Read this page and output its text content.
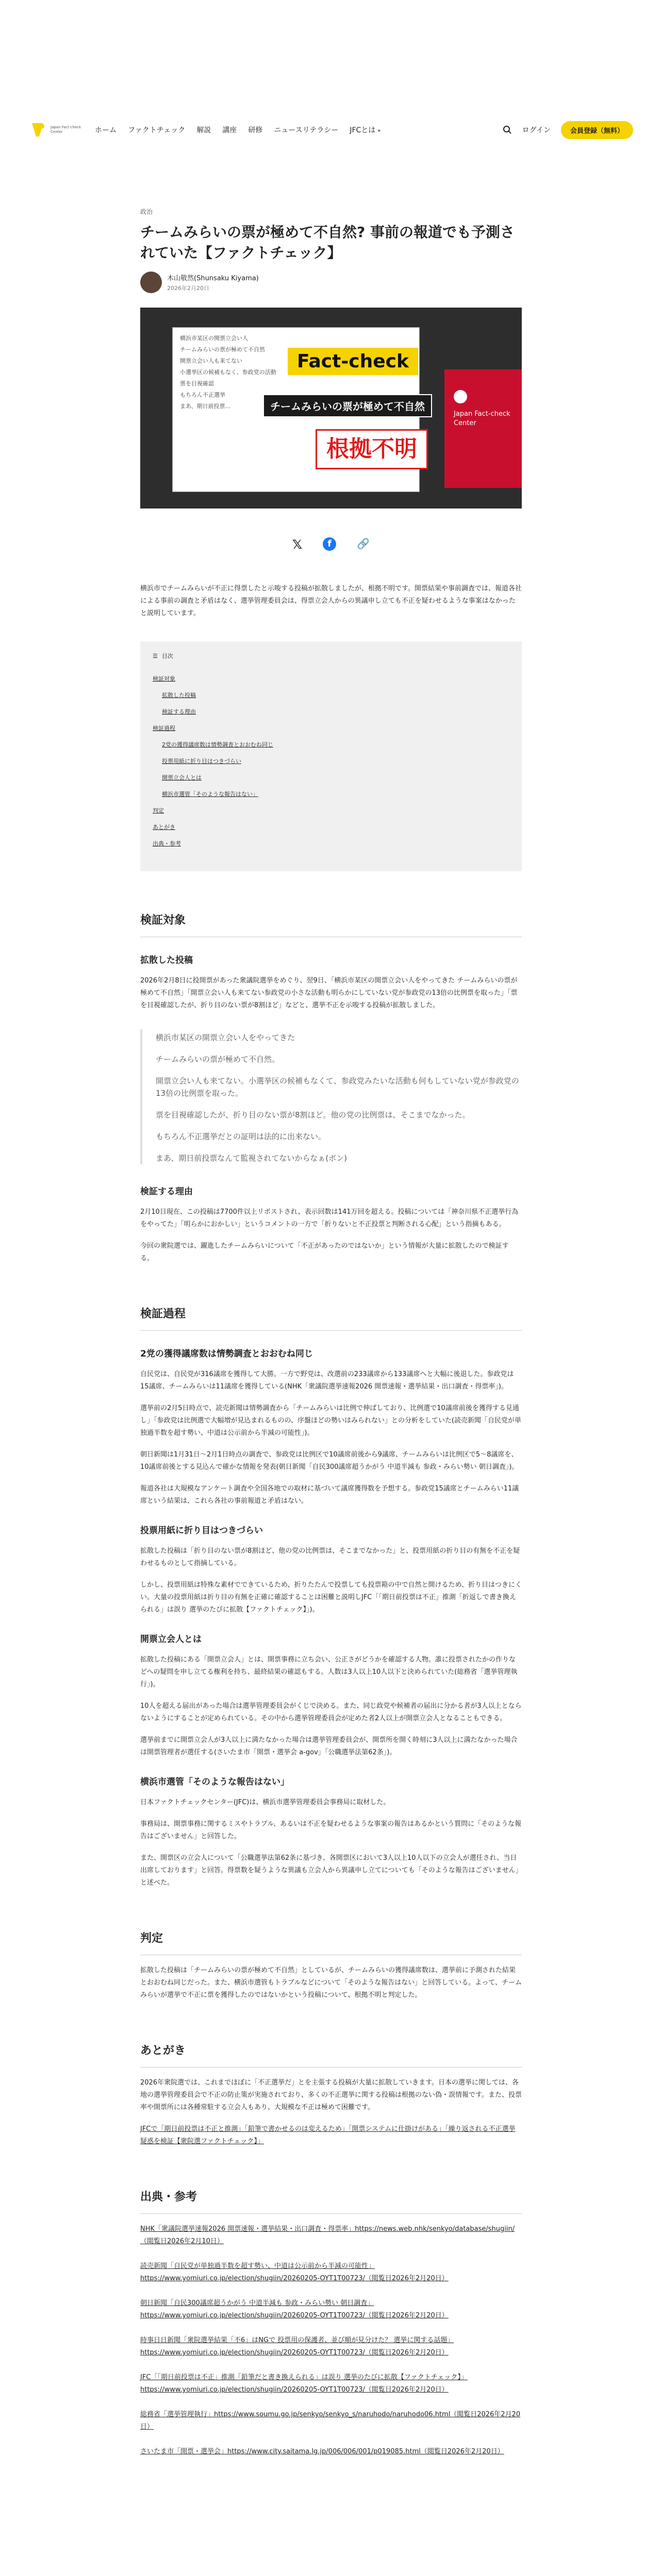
Japan Fact-check Center	ホーム ファクトチェック 解説 講座 研修 ニュースリテラシー JFCとは ▾	ログイン	会員登録（無料）
政治
チームみらいの票が極めて不自然? 事前の報道でも予測されていた【ファクトチェック】
木山敬然(Shunsaku Kiyama)
2026年2月20日
横浜市某区の開票立会い人
チームみらいの票が極めて不自然
開票立会い人も来てない
小選挙区の候補もなく、参政党の活動
票を目視確認
もちろん不正選挙
まあ、期日前投票…
Fact-check
チームみらいの票が極めて不自然
根拠不明
Japan Fact-check Center
𝕏	f	🔗

横浜市でチームみらいが不正に得票したと示唆する投稿が拡散しましたが、根拠不明です。開票結果や事前調査では、報道各社による事前の調査と矛盾はなく、選挙管理委員会は、得票立会人からの異議申し立ても不正を疑わせるような事案はなかったと説明しています。

☰ 目次
検証対象
拡散した投稿
検証する理由
検証過程
2党の獲得議席数は情勢調査とおおむね同じ
投票用紙に折り目はつきづらい
開票立会人とは
横浜市選管「そのような報告はない」
判定
あとがき
出典・参考
検証対象
拡散した投稿

2026年2月8日に投開票があった衆議院選挙をめぐり、翌9日、「横浜市某区の開票立会い人をやってきた チームみらいの票が極めて不自然」「開票立会い人も来てない参政党の小さな活動も明らかにしていない党が参政党の13倍の比例票を取った」「票を目視確認したが、折り目のない票が8割ほど」などと、選挙不正を示唆する投稿が拡散しました。

横浜市某区の開票立会い人をやってきた
チームみらいの票が極めて不自然。
開票立会い人も来てない。小選挙区の候補もなくて、参政党みたいな活動も何もしていない党が参政党の13倍の比例票を取った。
票を目視確認したが、折り目のない票が8割ほど。他の党の比例票は、そこまでなかった。
もちろん不正選挙だとの証明は法的に出来ない。
まあ、期日前投票なんて監視されてないからなぁ(ポン)
検証する理由

2月10日現在、この投稿は7700件以上リポストされ、表示回数は141万回を超える。投稿については「神奈川県不正選挙行為をやってた」「明らかにおかしい」というコメントの一方で「折りないと不正投票と判断される心配」という指摘もある。

今回の衆院選では、躍進したチームみらいについて「不正があったのではないか」という情報が大量に拡散したので検証する。

検証過程
2党の獲得議席数は情勢調査とおおむね同じ

自民党は、自民党が316議席を獲得して大勝。一方で野党は、改選前の233議席から133議席へと大幅に後退した。参政党は15議席、チームみらいは11議席を獲得している(NHK「衆議院選挙速報2026 開票速報・選挙結果・出口調査・得票率」)。

選挙前の2月5日時点で、読売新聞は情勢調査から「チームみらいは比例で伸ばしており、比例選で10議席前後を獲得する見通し」「参政党は比例選で大幅増が見込まれるものの、序盤ほどの勢いはみられない」との分析をしていた(読売新聞「自民党が単独過半数を超す勢い、中道は公示前から半減の可能性」)。

朝日新聞は1月31日〜2月1日時点の調査で、参政党は比例区で10議席前後から9議席、チームみらいは比例区で5〜8議席を、10議席前後とする見込んで確かな情報を発表(朝日新聞「自民300議席超うかがう 中道半減も 参政・みらい勢い 朝日調査」)。

報道各社は大規模なアンケート調査や全国各地での取材に基づいて議席獲得数を予想する。参政党15議席とチームみらい11議席という結果は、これら各社の事前報道と矛盾はない。

投票用紙に折り目はつきづらい

拡散した投稿は「折り目のない票が8割ほど、他の党の比例票は、そこまでなかった」と、投票用紙の折り目の有無を不正を疑わせるものとして指摘している。

しかし、投票用紙は特殊な素材でできているため、折りたたんで投票しても投票箱の中で自然と開けるため、折り目はつきにくい。大量の投票用紙は折り目の有無を正確に確認することは困難と説明しJFC「「期日前投票は不正」推測「折返しで書き換えられる」は誤り 選挙のたびに拡散【ファクトチェック】」)。

開票立会人とは

拡散した投稿にある「開票立会人」とは、開票事務に立ち会い、公正さがどうかを確認する人物。誰に投票されたかの作りなどへの疑問を申し立てる権利を持ち、最終結果の確認もする。人数は3人以上10人以下と決められていた(総務省「選挙管理執行」)。

10人を超える届出があった場合は選挙管理委員会がくじで決める。また、同じ政党や候補者の届出に分かる者が3人以上とならないようにすることが定められている。その中から選挙管理委員会が定めた者2人以上が開票立会人となることもできる。

選挙前までに開票立会人が3人以上に満たなかった場合は選挙管理委員会が、開票所を開く時刻に3人以上に満たなかった場合は開票管理者が選任する(さいたま市「開票・選挙会 a-gov」「公職選挙法第62条」)。

横浜市選管「そのような報告はない」

日本ファクトチェックセンター(JFC)は、横浜市選挙管理委員会事務局に取材した。

事務局は、開票事務に関するミスやトラブル、あるいは不正を疑わせるような事案の報告はあるかという質問に「そのような報告はございません」と回答した。

また、開票区の立会人について「公職選挙法第62条に基づき、各開票区において3人以上10人以下の立会人が選任され、当日出席しております」と回答。得票数を疑うような異議も立会人から異議申し立てについても「そのような報告はございません」と述べた。

判定

拡散した投稿は「チームみらいの票が極めて不自然」としているが、チームみらいの獲得議席数は、選挙前に予測された結果とおおむね同じだった。また、横浜市選管もトラブルなどについて「そのような報告はない」と回答している。よって、チームみらいが選挙で不正に票を獲得したのではないかという投稿について、根拠不明と判定した。

あとがき

2026年衆院選では、これまでほぼに「不正選挙だ」とを主張する投稿が大量に拡散していきます。日本の選挙に関しては、各地の選挙管理委員会で不正の防止策が実施されており、多くの不正選挙に関する投稿は根拠のない偽・誤情報です。また、投票率や開票所には各種常駐する立会人もあり、大規模な不正は極めて困難です。

JFCで「期日前投票は不正と推測」「鉛筆で書かせるのは変えるため」「開票システムに仕掛けがある」「繰り返される不正選挙疑惑を検証【衆院選ファクトチェック】」

出典・参考

NHK「衆議院選挙速報2026 開票速報・選挙結果・出口調査・得票率」https://news.web.nhk/senkyo/database/shugiin/（閲覧日2026年2月10日）

読売新聞「自民党が単独過半数を超す勢い、中道は公示前から半減の可能性」https://www.yomiuri.co.jp/election/shugiin/20260205-OYT1T00723/（閲覧日2026年2月20日）

朝日新聞「自民300議席超うかがう 中道半減も 参政・みらい勢い 朝日調査」https://www.yomiuri.co.jp/election/shugiin/20260205-OYT1T00723/（閲覧日2026年2月20日）

時事日日新聞「衆院選挙結果「不6」はNGで 投票用の保護者、並び順が見分けた？ 選挙に関する話題」https://www.yomiuri.co.jp/election/shugiin/20260205-OYT1T00723/（閲覧日2026年2月20日）

JFC「「期日前投票は不正」推測「鉛筆だと書き換えられる」は誤り 選挙のたびに拡散【ファクトチェック】」https://www.yomiuri.co.jp/election/shugiin/20260205-OYT1T00723/（閲覧日2026年2月20日）

総務省「選挙管理執行」https://www.soumu.go.jp/senkyo/senkyo_s/naruhodo/naruhodo06.html（閲覧日2026年2月20日）

さいたま市「開票・選挙会」https://www.city.saitama.lg.jp/006/006/001/p019085.html（閲覧日2026年2月20日）
